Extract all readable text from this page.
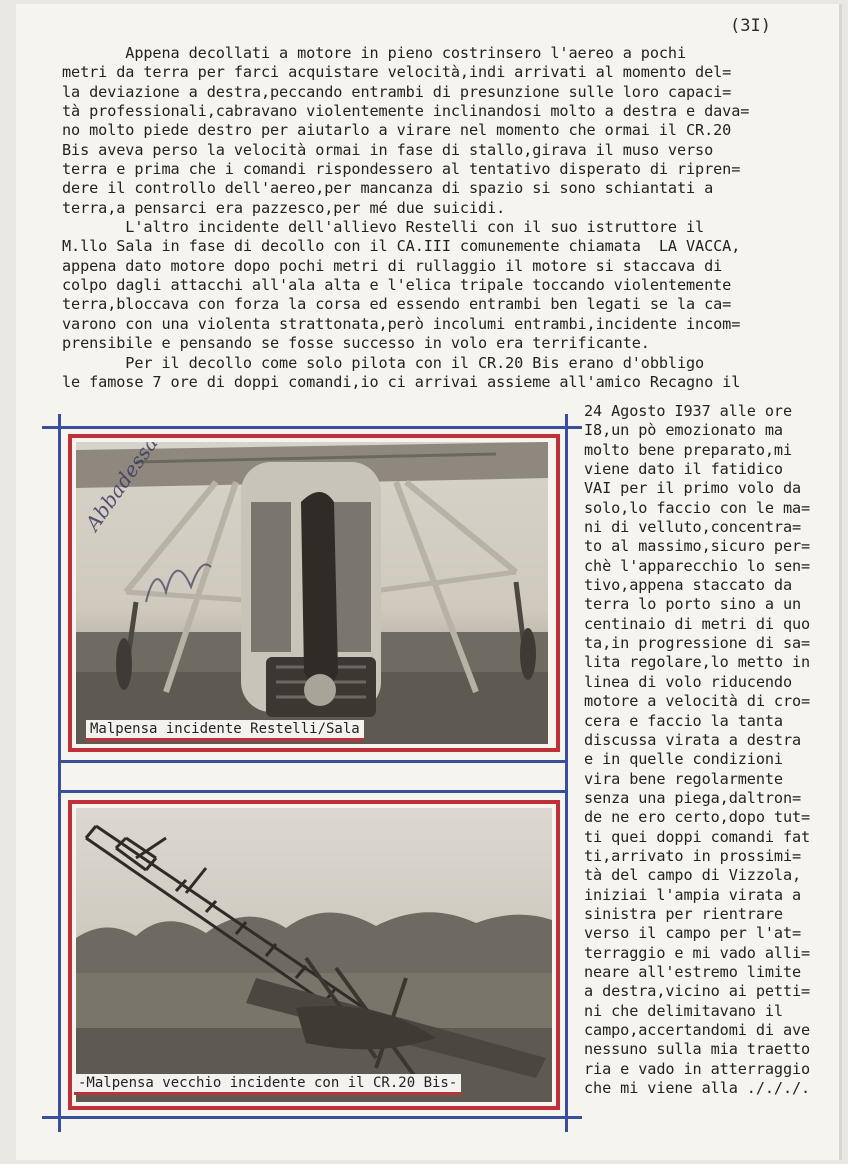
(3I)
Appena decollati a motore in pieno costrinsero l'aereo a pochi
metri da terra per farci acquistare velocità,indi arrivati al momento del=
la deviazione a destra,peccando entrambi di presunzione sulle loro capaci=
tà professionali,cabravano violentemente inclinandosi molto a destra e dava=
no molto piede destro per aiutarlo a virare nel momento che ormai il CR.20
Bis aveva perso la velocità ormai in fase di stallo,girava il muso verso
terra e prima che i comandi rispondessero al tentativo disperato di ripren=
dere il controllo dell'aereo,per mancanza di spazio si sono schiantati a
terra,a pensarci era pazzesco,per mé due suicidi.
L'altro incidente dell'allievo Restelli con il suo istruttore il
M.llo Sala in fase di decollo con il CA.III comunemente chiamata  LA VACCA,
appena dato motore dopo pochi metri di rullaggio il motore si staccava di
colpo dagli attacchi all'ala alta e l'elica tripale toccando violentemente
terra,bloccava con forza la corsa ed essendo entrambi ben legati se la ca=
varono con una violenta strattonata,però incolumi entrambi,incidente incom=
prensibile e pensando se fosse successo in volo era terrificante.
Per il decollo come solo pilota con il CR.20 Bis erano d'obbligo
le famose 7 ore di doppi comandi,io ci arrivai assieme all'amico Recagno il
24 Agosto I937 alle ore
I8,un pò emozionato ma
molto bene preparato,mi
viene dato il fatidico
VAI per il primo volo da
solo,lo faccio con le ma=
ni di velluto,concentra=
to al massimo,sicuro per=
chè l'apparecchio lo sen=
tivo,appena staccato da
terra lo porto sino a un
centinaio di metri di quo
ta,in progressione di sa=
lita regolare,lo metto in
linea di volo riducendo
motore a velocità di cro=
cera e faccio la tanta
discussa virata a destra
e in quelle condizioni
vira bene regolarmente
senza una piega,daltron=
de ne ero certo,dopo tut=
ti quei doppi comandi fat
ti,arrivato in prossimi=
tà del campo di Vizzola,
iniziai l'ampia virata a
sinistra per rientrare
verso il campo per l'at=
terraggio e mi vado alli=
neare all'estremo limite
a destra,vicino ai petti=
ni che delimitavano il
campo,accertandomi di ave
nessuno sulla mia traetto
ria e vado in atterraggio
che mi viene alla ./././.
Malpensa incidente Restelli/Sala
-Malpensa vecchio incidente con il CR.20 Bis-
